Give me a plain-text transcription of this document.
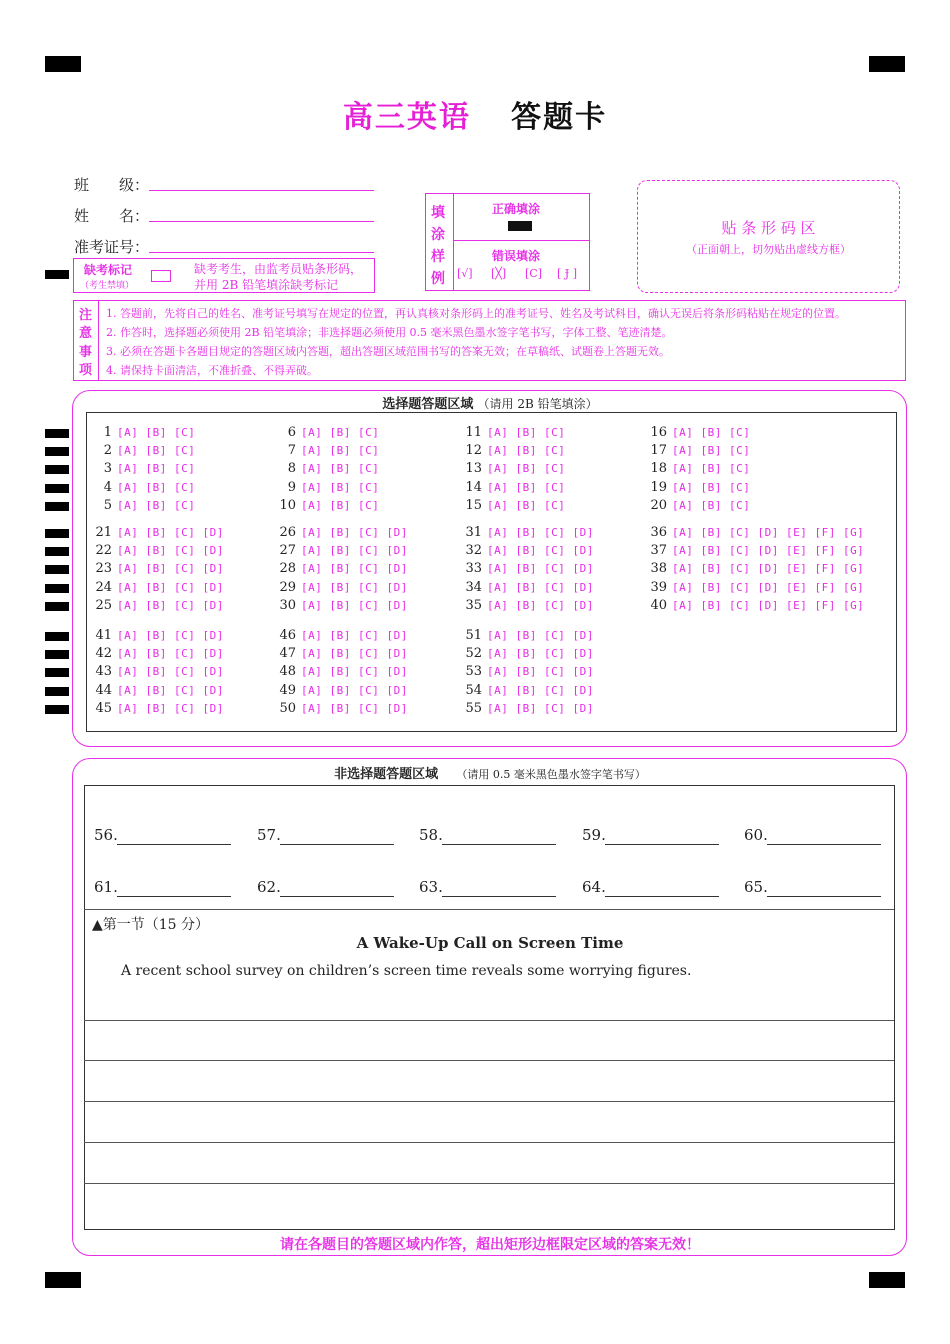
高三英语 答题卡
班　　级：
姓　　名：
准考证号：
缺考标记
（考生禁填）
缺考考生，由监考员贴条形码，
并用 2B 铅笔填涂缺考标记
填
涂
样
例
正确填涂
错误填涂
[√] [╳] [C] [ Ɉ ]
贴 条 形 码 区
（正面朝上，切勿贴出虚线方框）
注
意
事
项
1. 答题前，先将自己的姓名、准考证号填写在规定的位置，再认真核对条形码上的准考证号、姓名及考试科目，确认无误后将条形码粘贴在规定的位置。
2. 作答时，选择题必须使用 2B 铅笔填涂；非选择题必须使用 0.5 毫米黑色墨水签字笔书写，字体工整、笔迹清楚。
3. 必须在答题卡各题目规定的答题区域内答题，超出答题区域范围书写的答案无效；在草稿纸、试题卷上答题无效。
4. 请保持卡面清洁，不准折叠、不得弄破。
选择题答题区域 （请用 2B 铅笔填涂）
1 [A] [B] [C]
2 [A] [B] [C]
3 [A] [B] [C]
4 [A] [B] [C]
5 [A] [B] [C]
6 [A] [B] [C]
7 [A] [B] [C]
8 [A] [B] [C]
9 [A] [B] [C]
10 [A] [B] [C]
11 [A] [B] [C]
12 [A] [B] [C]
13 [A] [B] [C]
14 [A] [B] [C]
15 [A] [B] [C]
16 [A] [B] [C]
17 [A] [B] [C]
18 [A] [B] [C]
19 [A] [B] [C]
20 [A] [B] [C]
21 [A] [B] [C] [D]
22 [A] [B] [C] [D]
23 [A] [B] [C] [D]
24 [A] [B] [C] [D]
25 [A] [B] [C] [D]
26 [A] [B] [C] [D]
27 [A] [B] [C] [D]
28 [A] [B] [C] [D]
29 [A] [B] [C] [D]
30 [A] [B] [C] [D]
31 [A] [B] [C] [D]
32 [A] [B] [C] [D]
33 [A] [B] [C] [D]
34 [A] [B] [C] [D]
35 [A] [B] [C] [D]
36 [A] [B] [C] [D] [E] [F] [G]
37 [A] [B] [C] [D] [E] [F] [G]
38 [A] [B] [C] [D] [E] [F] [G]
39 [A] [B] [C] [D] [E] [F] [G]
40 [A] [B] [C] [D] [E] [F] [G]
41 [A] [B] [C] [D]
42 [A] [B] [C] [D]
43 [A] [B] [C] [D]
44 [A] [B] [C] [D]
45 [A] [B] [C] [D]
46 [A] [B] [C] [D]
47 [A] [B] [C] [D]
48 [A] [B] [C] [D]
49 [A] [B] [C] [D]
50 [A] [B] [C] [D]
51 [A] [B] [C] [D]
52 [A] [B] [C] [D]
53 [A] [B] [C] [D]
54 [A] [B] [C] [D]
55 [A] [B] [C] [D]
非选择题答题区域 （请用 0.5 毫米黑色墨水签字笔书写）
56.	57.	58.	59.	60.
61.	62.	63.	64.	65.
▲第一节（15 分）
A Wake-Up Call on Screen Time
A recent school survey on children’s screen time reveals some worrying figures.
请在各题目的答题区域内作答，超出矩形边框限定区域的答案无效！
